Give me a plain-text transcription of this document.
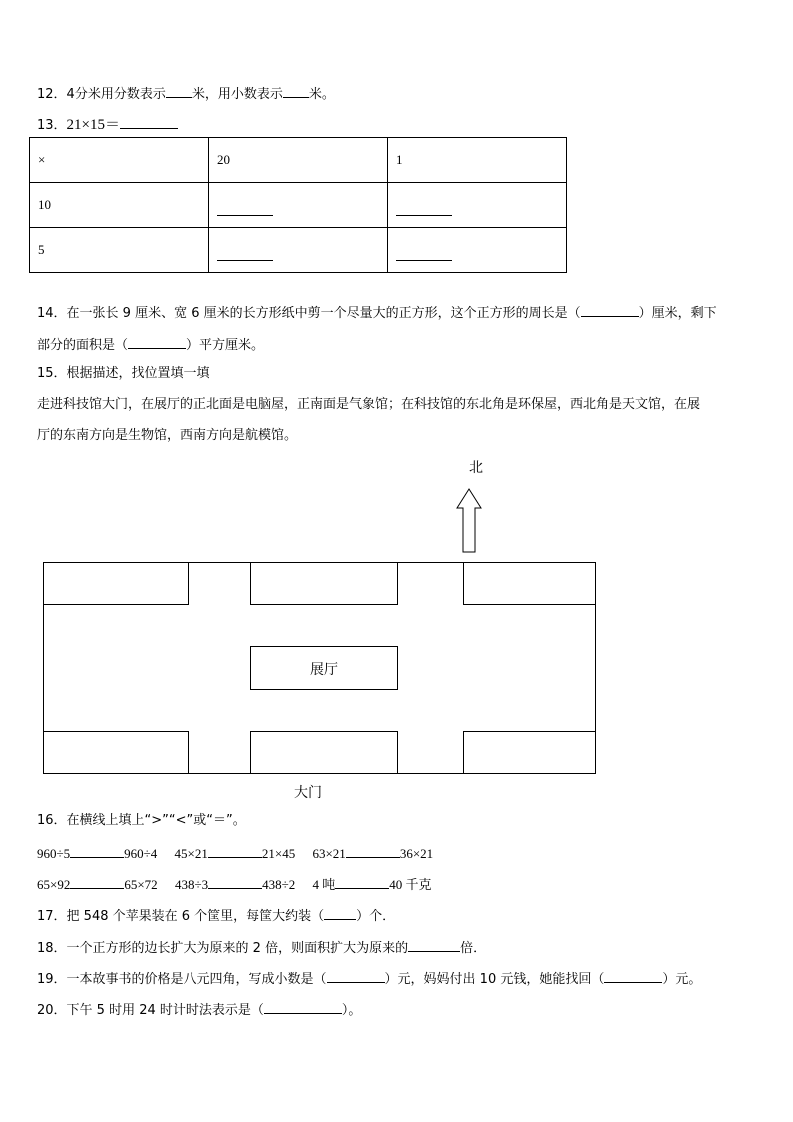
12．4分米用分数表示 米，用小数表示 米。
13．21×15＝
×	20	1
10		
5		
14．在一张长 9 厘米、宽 6 厘米的长方形纸中剪一个尽量大的正方形，这个正方形的周长是（	）厘米，剩下
部分的面积是（	）平方厘米。
15．根据描述，找位置填一填
走进科技馆大门，在展厅的正北面是电脑屋，正南面是气象馆；在科技馆的东北角是环保屋，西北角是天文馆，在展
厅的东南方向是生物馆，西南方向是航模馆。
北
展厅
大门
16．在横线上填上“>”“<”或“＝”。
960÷5	960÷4 45×21	21×45 63×21	36×21
65×92	65×72 438÷3	438÷2 4 吨	40 千克
17．把 548 个苹果装在 6 个筐里，每筐大约装（ ）个．
18．一个正方形的边长扩大为原来的 2 倍，则面积扩大为原来的	倍．
19．一本故事书的价格是八元四角，写成小数是（	）元，妈妈付出 10 元钱，她能找回（	）元。
20．下午 5 时用 24 时计时法表示是（	）。
